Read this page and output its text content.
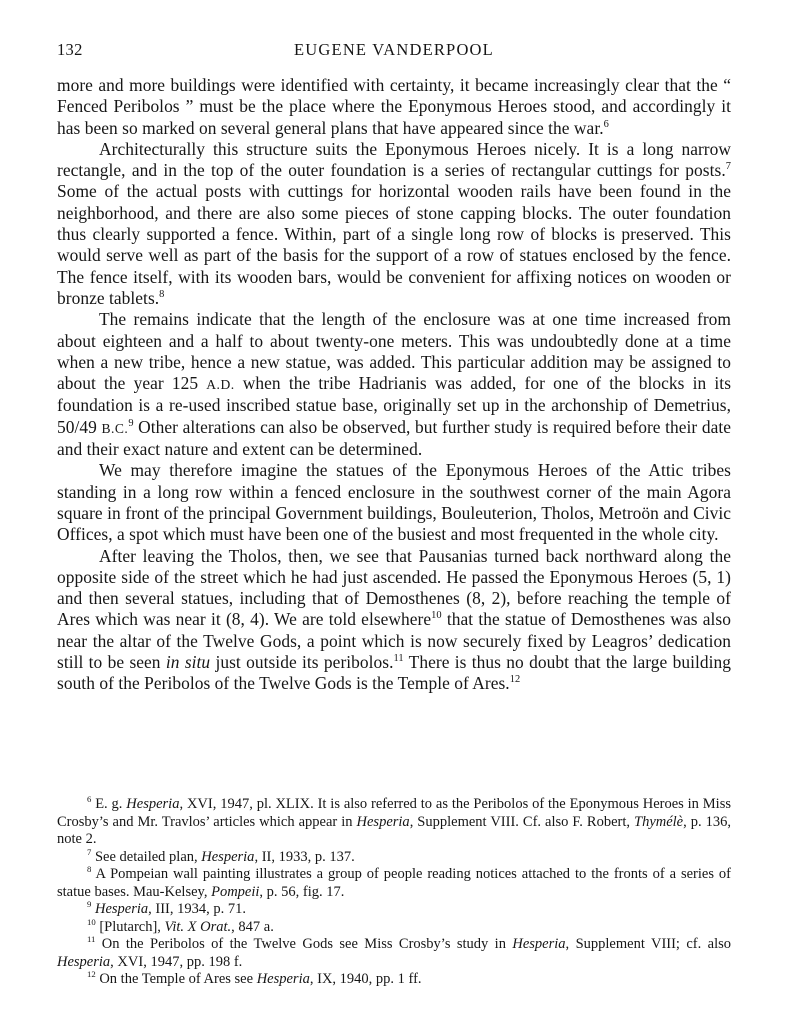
132	EUGENE VANDERPOOL

more and more buildings were identified with certainty, it became increasingly clear that the “ Fenced Peribolos ” must be the place where the Eponymous Heroes stood, and accordingly it has been so marked on several general plans that have appeared since the war.$^6$

Architecturally this structure suits the Eponymous Heroes nicely. It is a long narrow rectangle, and in the top of the outer foundation is a series of rectangular cuttings for posts.$^7$ Some of the actual posts with cuttings for horizontal wooden rails have been found in the neighborhood, and there are also some pieces of stone capping blocks. The outer foundation thus clearly supported a fence. Within, part of a single long row of blocks is preserved. This would serve well as part of the basis for the support of a row of statues enclosed by the fence. The fence itself, with its wooden bars, would be convenient for affixing notices on wooden or bronze tablets.$^8$

The remains indicate that the length of the enclosure was at one time increased from about eighteen and a half to about twenty-one meters. This was undoubtedly done at a time when a new tribe, hence a new statue, was added. This particular addition may be assigned to about the year 125 A.D. when the tribe Hadrianis was added, for one of the blocks in its foundation is a re-used inscribed statue base, originally set up in the archonship of Demetrius, 50/49 B.C.$^9$ Other alterations can also be observed, but further study is required before their date and their exact nature and extent can be determined.

We may therefore imagine the statues of the Eponymous Heroes of the Attic tribes standing in a long row within a fenced enclosure in the southwest corner of the main Agora square in front of the principal Government buildings, Bouleuterion, Tholos, Metroön and Civic Offices, a spot which must have been one of the busiest and most frequented in the whole city.

After leaving the Tholos, then, we see that Pausanias turned back northward along the opposite side of the street which he had just ascended. He passed the Eponymous Heroes (5, 1) and then several statues, including that of Demosthenes (8, 2), before reaching the temple of Ares which was near it (8, 4). We are told elsewhere$^{10}$ that the statue of Demosthenes was also near the altar of the Twelve Gods, a point which is now securely fixed by Leagros’ dedication still to be seen in situ just outside its peribolos.$^{11}$ There is thus no doubt that the large building south of the Peribolos of the Twelve Gods is the Temple of Ares.$^{12}$

$^6$ E. g. Hesperia, XVI, 1947, pl. XLIX. It is also referred to as the Peribolos of the Eponymous Heroes in Miss Crosby’s and Mr. Travlos’ articles which appear in Hesperia, Supplement VIII. Cf. also F. Robert, Thymélè, p. 136, note 2.

$^7$ See detailed plan, Hesperia, II, 1933, p. 137.

$^8$ A Pompeian wall painting illustrates a group of people reading notices attached to the fronts of a series of statue bases. Mau-Kelsey, Pompeii, p. 56, fig. 17.

$^9$ Hesperia, III, 1934, p. 71.

$^{10}$ [Plutarch], Vit. X Orat., 847 a.

$^{11}$ On the Peribolos of the Twelve Gods see Miss Crosby’s study in Hesperia, Supplement VIII; cf. also Hesperia, XVI, 1947, pp. 198 f.

$^{12}$ On the Temple of Ares see Hesperia, IX, 1940, pp. 1 ff.
